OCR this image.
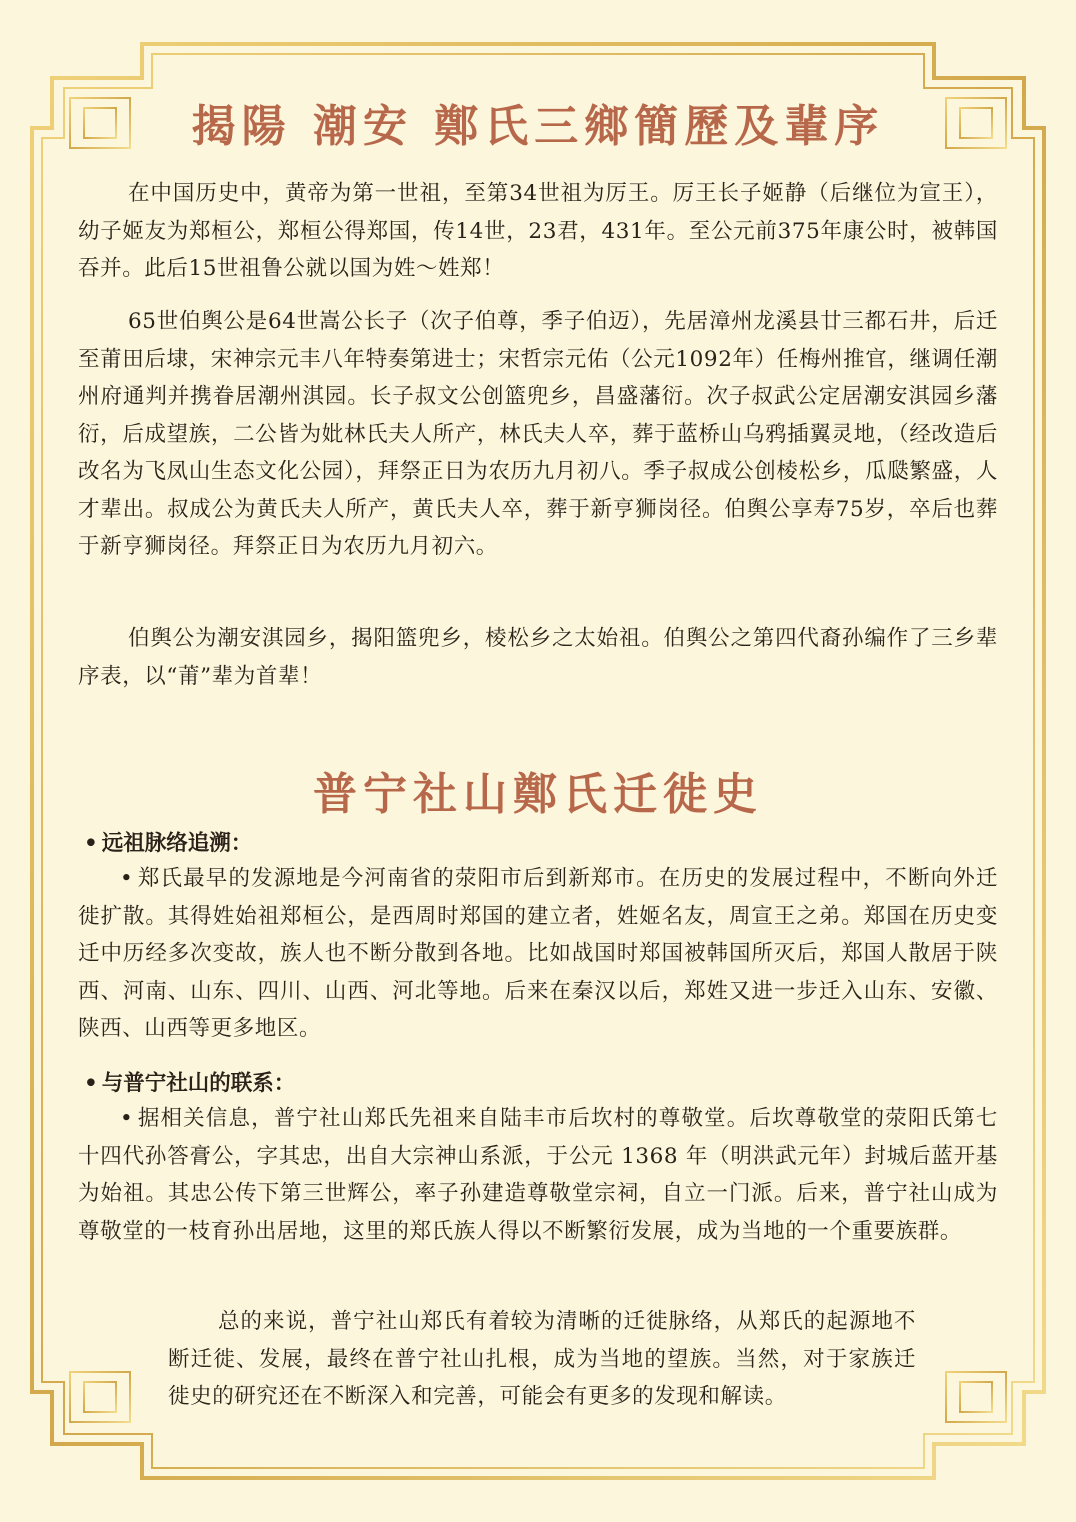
揭陽 潮安 鄭氏三鄉簡歷及輩序

在中国历史中，黄帝为第一世祖，至第34世祖为厉王。厉王长子姬静（后继位为宣王），幼子姬友为郑桓公，郑桓公得郑国，传14世，23君，431年。至公元前375年康公时，被韩国吞并。此后15世祖鲁公就以国为姓～姓郑！

65世伯舆公是64世嵩公长子（次子伯尊，季子伯迈），先居漳州龙溪县廿三都石井，后迁至莆田后埭，宋神宗元丰八年特奏第进士；宋哲宗元佑（公元1092年）任梅州推官，继调任潮州府通判并携眷居潮州淇园。长子叔文公创篮兜乡，昌盛藩衍。次子叔武公定居潮安淇园乡藩衍，后成望族，二公皆为妣林氏夫人所产，林氏夫人卒，葬于蓝桥山乌鸦插翼灵地，（经改造后改名为飞凤山生态文化公园），拜祭正日为农历九月初八。季子叔成公创棱松乡，瓜瓞繁盛，人才辈出。叔成公为黄氏夫人所产，黄氏夫人卒，葬于新亨狮岗径。伯舆公享寿75岁，卒后也葬于新亨狮岗径。拜祭正日为农历九月初六。

伯舆公为潮安淇园乡，揭阳篮兜乡，棱松乡之太始祖。伯舆公之第四代裔孙编作了三乡辈序表，以“莆”辈为首辈！

普宁社山鄭氏迁徙史

• 远祖脉络追溯：

• 郑氏最早的发源地是今河南省的荥阳市后到新郑市。在历史的发展过程中，不断向外迁徙扩散。其得姓始祖郑桓公，是西周时郑国的建立者，姓姬名友，周宣王之弟。郑国在历史变迁中历经多次变故，族人也不断分散到各地。比如战国时郑国被韩国所灭后，郑国人散居于陕西、河南、山东、四川、山西、河北等地。后来在秦汉以后，郑姓又进一步迁入山东、安徽、陕西、山西等更多地区。

• 与普宁社山的联系：

• 据相关信息，普宁社山郑氏先祖来自陆丰市后坎村的尊敬堂。后坎尊敬堂的荥阳氏第七十四代孙答膏公，字其忠，出自大宗神山系派，于公元 1368 年（明洪武元年）封城后蓝开基为始祖。其忠公传下第三世辉公，率子孙建造尊敬堂宗祠，自立一门派。后来，普宁社山成为尊敬堂的一枝育孙出居地，这里的郑氏族人得以不断繁衍发展，成为当地的一个重要族群。

总的来说，普宁社山郑氏有着较为清晰的迁徙脉络，从郑氏的起源地不断迁徙、发展，最终在普宁社山扎根，成为当地的望族。当然，对于家族迁徙史的研究还在不断深入和完善，可能会有更多的发现和解读。
